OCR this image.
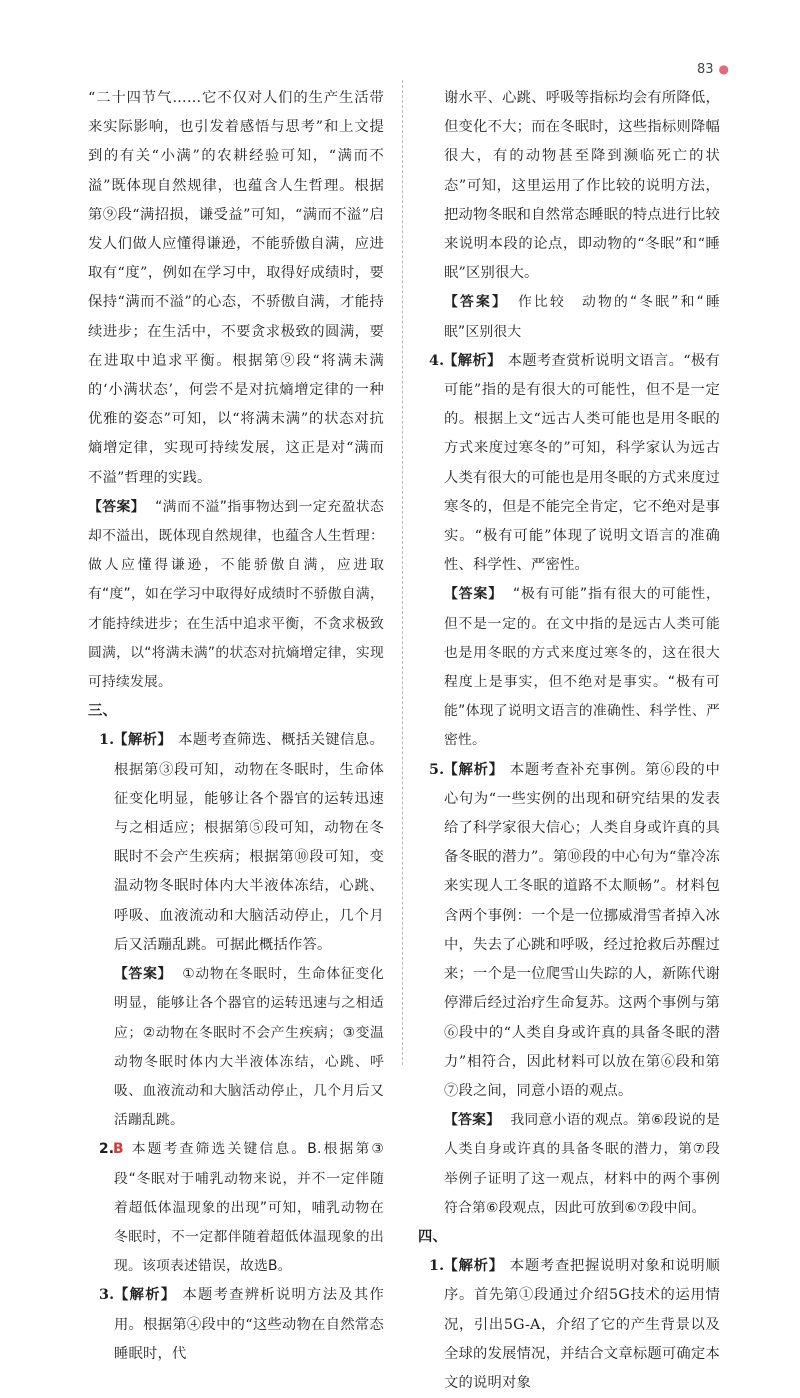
83 ●

“二十四节气……它不仅对人们的生产生活带来实际影响，也引发着感悟与思考”和上文提到的有关“小满”的农耕经验可知，“满而不溢”既体现自然规律，也蕴含人生哲理。根据第⑨段“满招损，谦受益”可知，“满而不溢”启发人们做人应懂得谦逊，不能骄傲自满，应进取有“度”，例如在学习中，取得好成绩时，要保持“满而不溢”的心态，不骄傲自满，才能持续进步；在生活中，不要贪求极致的圆满，要在进取中追求平衡。根据第⑨段“将满未满的‘小满状态’，何尝不是对抗熵增定律的一种优雅的姿态”可知，以“将满未满”的状态对抗熵增定律，实现可持续发展，这正是对“满而不溢”哲理的实践。

【答案】 “满而不溢”指事物达到一定充盈状态却不溢出，既体现自然规律，也蕴含人生哲理：做人应懂得谦逊，不能骄傲自满，应进取有“度”，如在学习中取得好成绩时不骄傲自满，才能持续进步；在生活中追求平衡，不贪求极致圆满，以“将满未满”的状态对抗熵增定律，实现可持续发展。

三、

1.【解析】 本题考查筛选、概括关键信息。根据第③段可知，动物在冬眠时，生命体征变化明显，能够让各个器官的运转迅速与之相适应；根据第⑤段可知，动物在冬眠时不会产生疾病；根据第⑩段可知，变温动物冬眠时体内大半液体冻结，心跳、呼吸、血液流动和大脑活动停止，几个月后又活蹦乱跳。可据此概括作答。

【答案】 ①动物在冬眠时，生命体征变化明显，能够让各个器官的运转迅速与之相适应；②动物在冬眠时不会产生疾病；③变温动物冬眠时体内大半液体冻结，心跳、呼吸、血液流动和大脑活动停止，几个月后又活蹦乱跳。

2.B 本题考查筛选关键信息。B.根据第③段“冬眠对于哺乳动物来说，并不一定伴随着超低体温现象的出现”可知，哺乳动物在冬眠时，不一定都伴随着超低体温现象的出现。该项表述错误，故选B。

3.【解析】 本题考查辨析说明方法及其作用。根据第④段中的“这些动物在自然常态睡眠时，代

谢水平、心跳、呼吸等指标均会有所降低，但变化不大；而在冬眠时，这些指标则降幅很大，有的动物甚至降到濒临死亡的状态”可知，这里运用了作比较的说明方法，把动物冬眠和自然常态睡眠的特点进行比较来说明本段的论点，即动物的“冬眠”和“睡眠”区别很大。

【答案】 作比较　动物的“冬眠”和“睡眠”区别很大

4.【解析】 本题考查赏析说明文语言。“极有可能”指的是有很大的可能性，但不是一定的。根据上文“远古人类可能也是用冬眠的方式来度过寒冬的”可知，科学家认为远古人类有很大的可能也是用冬眠的方式来度过寒冬的，但是不能完全肯定，它不绝对是事实。“极有可能”体现了说明文语言的准确性、科学性、严密性。

【答案】 “极有可能”指有很大的可能性，但不是一定的。在文中指的是远古人类可能也是用冬眠的方式来度过寒冬的，这在很大程度上是事实，但不绝对是事实。“极有可能”体现了说明文语言的准确性、科学性、严密性。

5.【解析】 本题考查补充事例。第⑥段的中心句为“一些实例的出现和研究结果的发表给了科学家很大信心；人类自身或许真的具备冬眠的潜力”。第⑩段的中心句为“靠冷冻来实现人工冬眠的道路不太顺畅”。材料包含两个事例：一个是一位挪威滑雪者掉入冰中，失去了心跳和呼吸，经过抢救后苏醒过来；一个是一位爬雪山失踪的人，新陈代谢停滞后经过治疗生命复苏。这两个事例与第⑥段中的“人类自身或许真的具备冬眠的潜力”相符合，因此材料可以放在第⑥段和第⑦段之间，同意小语的观点。

【答案】 我同意小语的观点。第⑥段说的是人类自身或许真的具备冬眠的潜力，第⑦段举例子证明了这一观点，材料中的两个事例符合第⑥段观点，因此可放到⑥⑦段中间。

四、

1.【解析】 本题考查把握说明对象和说明顺序。首先第①段通过介绍5G技术的运用情况，引出5G-A，介绍了它的产生背景以及全球的发展情况，并结合文章标题可确定本文的说明对象
